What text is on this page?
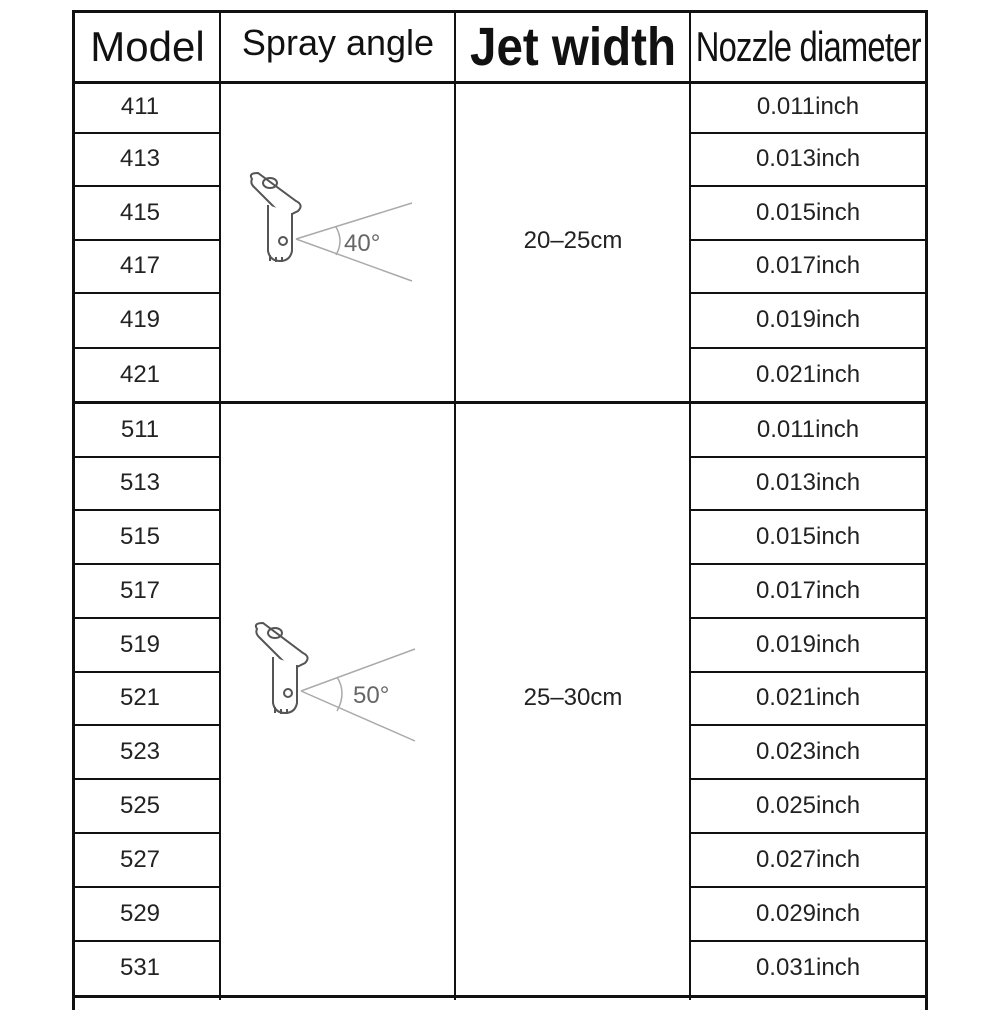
Model Spray angle Jet width Nozzle diameter
411
413
415
417
419
421
0.011inch
0.013inch
0.015inch
0.017inch
0.019inch
0.021inch
20–25cm
40°
511
513
515
517
519
521
523
525
527
529
531
0.011inch
0.013inch
0.015inch
0.017inch
0.019inch
0.021inch
0.023inch
0.025inch
0.027inch
0.029inch
0.031inch
25–30cm
50°
